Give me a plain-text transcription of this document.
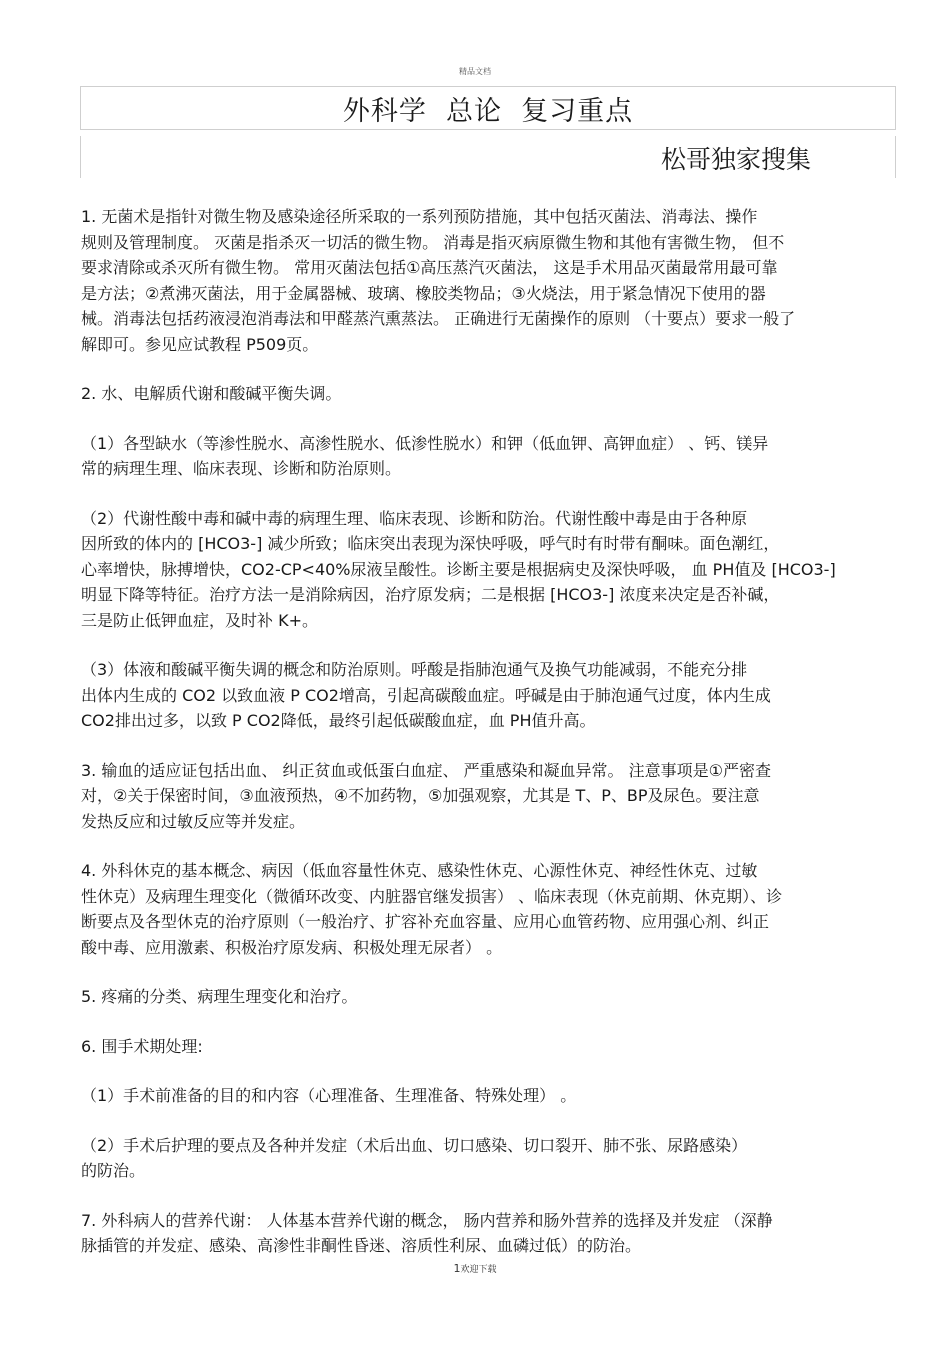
精品文档
外科学  总论  复习重点
松哥独家搜集
1. 无菌术是指针对微生物及感染途径所采取的一系列预防措施，其中包括灭菌法、消毒法、操作
规则及管理制度。 灭菌是指杀灭一切活的微生物。 消毒是指灭病原微生物和其他有害微生物， 但不
要求清除或杀灭所有微生物。 常用灭菌法包括①高压蒸汽灭菌法， 这是手术用品灭菌最常用最可靠
是方法；②煮沸灭菌法，用于金属器械、玻璃、橡胶类物品；③火烧法，用于紧急情况下使用的器
械。消毒法包括药液浸泡消毒法和甲醛蒸汽熏蒸法。 正确进行无菌操作的原则 （十要点）要求一般了
解即可。参见应试教程 P509页。
2. 水、电解质代谢和酸碱平衡失调。
（1）各型缺水（等渗性脱水、高渗性脱水、低渗性脱水）和钾（低血钾、高钾血症） 、钙、镁异
常的病理生理、临床表现、诊断和防治原则。
（2）代谢性酸中毒和碱中毒的病理生理、临床表现、诊断和防治。代谢性酸中毒是由于各种原
因所致的体内的 [HCO3-] 减少所致；临床突出表现为深快呼吸，呼气时有时带有酮味。面色潮红，
心率增快，脉搏增快，CO2-CP<40%尿液呈酸性。诊断主要是根据病史及深快呼吸， 血 PH值及 [HCO3-]
明显下降等特征。治疗方法一是消除病因，治疗原发病；二是根据 [HCO3-] 浓度来决定是否补碱，
三是防止低钾血症，及时补 K+。
（3）体液和酸碱平衡失调的概念和防治原则。呼酸是指肺泡通气及换气功能减弱，不能充分排
出体内生成的 CO2 以致血液 P CO2增高，引起高碳酸血症。呼碱是由于肺泡通气过度，体内生成
CO2排出过多，以致 P CO2降低，最终引起低碳酸血症，血 PH值升高。
3. 输血的适应证包括出血、 纠正贫血或低蛋白血症、 严重感染和凝血异常。 注意事项是①严密查
对，②关于保密时间，③血液预热，④不加药物，⑤加强观察，尤其是 T、P、BP及尿色。要注意
发热反应和过敏反应等并发症。
4. 外科休克的基本概念、病因（低血容量性休克、感染性休克、心源性休克、神经性休克、过敏
性休克）及病理生理变化（微循环改变、内脏器官继发损害） 、临床表现（休克前期、休克期）、诊
断要点及各型休克的治疗原则（一般治疗、扩容补充血容量、应用心血管药物、应用强心剂、纠正
酸中毒、应用激素、积极治疗原发病、积极处理无尿者） 。
5. 疼痛的分类、病理生理变化和治疗。
6. 围手术期处理:
（1）手术前准备的目的和内容（心理准备、生理准备、特殊处理） 。
（2）手术后护理的要点及各种并发症（术后出血、切口感染、切口裂开、肺不张、尿路感染）
的防治。
7. 外科病人的营养代谢： 人体基本营养代谢的概念， 肠内营养和肠外营养的选择及并发症 （深静
脉插管的并发症、感染、高渗性非酮性昏迷、溶质性利尿、血磷过低）的防治。
1欢迎下载
